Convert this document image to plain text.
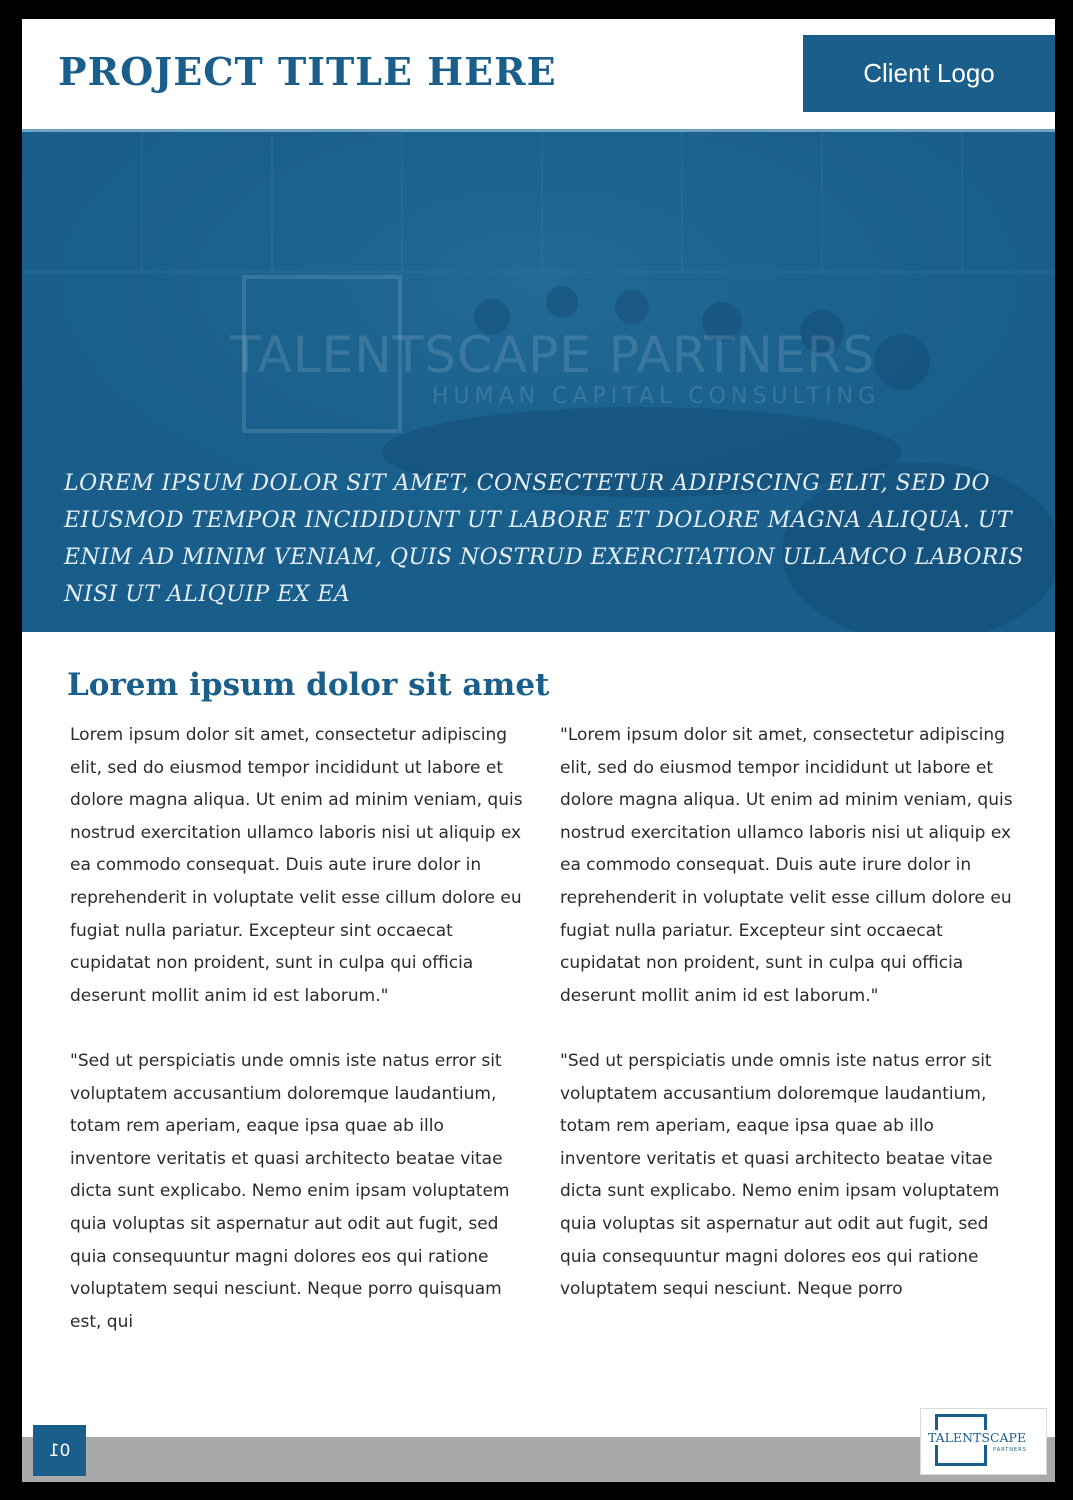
PROJECT TITLE HERE	Client Logo

TALENTSCAPE PARTNERS

HUMAN CAPITAL CONSULTING

LOREM IPSUM DOLOR SIT AMET, CONSECTETUR ADIPISCING ELIT, SED DO EIUSMOD TEMPOR INCIDIDUNT UT LABORE ET DOLORE MAGNA ALIQUA. UT ENIM AD MINIM VENIAM, QUIS NOSTRUD EXERCITATION ULLAMCO LABORIS NISI UT ALIQUIP EX EA

Lorem ipsum dolor sit amet

Lorem ipsum dolor sit amet, consectetur adipiscing elit, sed do eiusmod tempor incididunt ut labore et dolore magna aliqua. Ut enim ad minim veniam, quis nostrud exercitation ullamco laboris nisi ut aliquip ex ea commodo consequat. Duis aute irure dolor in reprehenderit in voluptate velit esse cillum dolore eu fugiat nulla pariatur. Excepteur sint occaecat cupidatat non proident, sunt in culpa qui officia deserunt mollit anim id est laborum."

"Sed ut perspiciatis unde omnis iste natus error sit voluptatem accusantium doloremque laudantium, totam rem aperiam, eaque ipsa quae ab illo inventore veritatis et quasi architecto beatae vitae dicta sunt explicabo. Nemo enim ipsam voluptatem quia voluptas sit aspernatur aut odit aut fugit, sed quia consequuntur magni dolores eos qui ratione voluptatem sequi nesciunt. Neque porro quisquam est, qui

"Lorem ipsum dolor sit amet, consectetur adipiscing elit, sed do eiusmod tempor incididunt ut labore et dolore magna aliqua. Ut enim ad minim veniam, quis nostrud exercitation ullamco laboris nisi ut aliquip ex ea commodo consequat. Duis aute irure dolor in reprehenderit in voluptate velit esse cillum dolore eu fugiat nulla pariatur. Excepteur sint occaecat cupidatat non proident, sunt in culpa qui officia deserunt mollit anim id est laborum."

"Sed ut perspiciatis unde omnis iste natus error sit voluptatem accusantium doloremque laudantium, totam rem aperiam, eaque ipsa quae ab illo inventore veritatis et quasi architecto beatae vitae dicta sunt explicabo. Nemo enim ipsam voluptatem quia voluptas sit aspernatur aut odit aut fugit, sed quia consequuntur magni dolores eos qui ratione voluptatem sequi nesciunt. Neque porro

01
TALENTSCAPE
PARTNERS
